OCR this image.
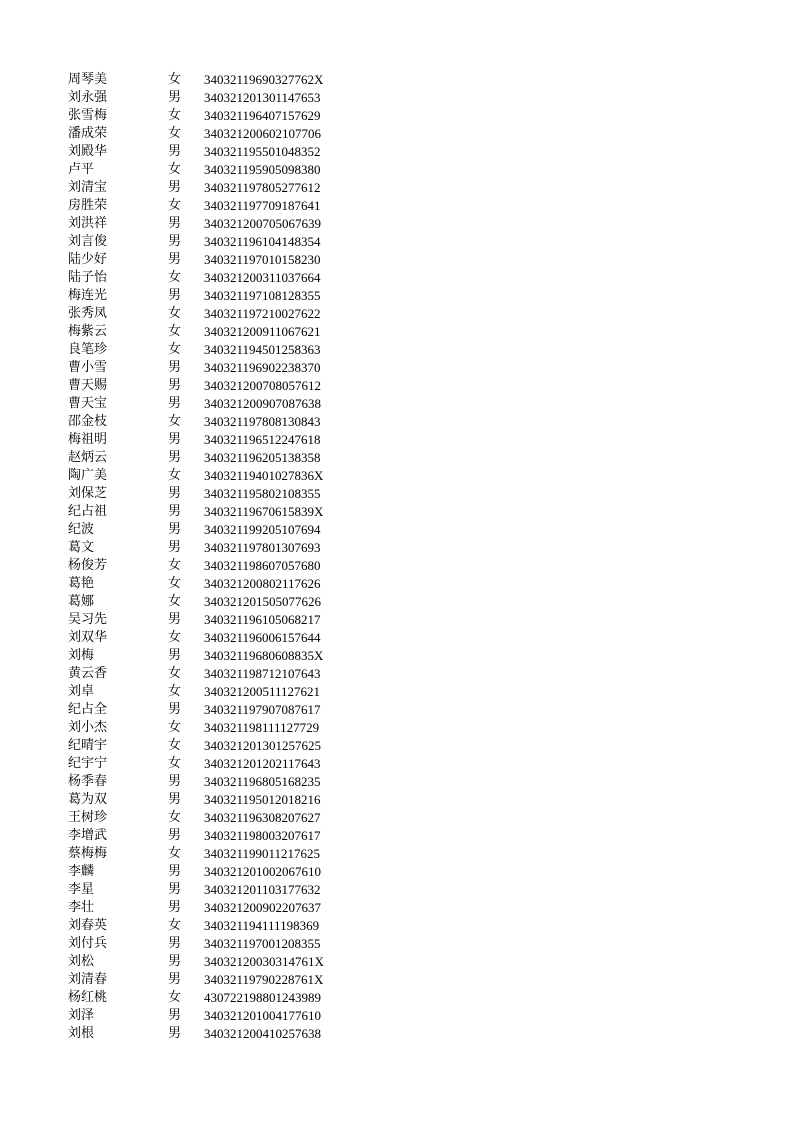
周琴美	女	34032119690327762X
刘永强	男	340321201301147653
张雪梅	女	340321196407157629
潘成荣	女	340321200602107706
刘殿华	男	340321195501048352
卢平	女	340321195905098380
刘清宝	男	340321197805277612
房胜荣	女	340321197709187641
刘洪祥	男	340321200705067639
刘言俊	男	340321196104148354
陆少好	男	340321197010158230
陆子怡	女	340321200311037664
梅连光	男	340321197108128355
张秀凤	女	340321197210027622
梅紫云	女	340321200911067621
良笔珍	女	340321194501258363
曹小雪	男	340321196902238370
曹天赐	男	340321200708057612
曹天宝	男	340321200907087638
邵金枝	女	340321197808130843
梅祖明	男	340321196512247618
赵炳云	男	340321196205138358
陶广美	女	34032119401027836X
刘保芝	男	340321195802108355
纪占祖	男	34032119670615839X
纪波	男	340321199205107694
葛文	男	340321197801307693
杨俊芳	女	340321198607057680
葛艳	女	340321200802117626
葛娜	女	340321201505077626
吴习先	男	340321196105068217
刘双华	女	340321196006157644
刘梅	男	34032119680608835X
黄云香	女	340321198712107643
刘卓	女	340321200511127621
纪占全	男	340321197907087617
刘小杰	女	340321198111127729
纪晴宇	女	340321201301257625
纪宇宁	女	340321201202117643
杨季春	男	340321196805168235
葛为双	男	340321195012018216
王树珍	女	340321196308207627
李增武	男	340321198003207617
蔡梅梅	女	340321199011217625
李麟	男	340321201002067610
李星	男	340321201103177632
李壮	男	340321200902207637
刘春英	女	340321194111198369
刘付兵	男	340321197001208355
刘松	男	34032120030314761X
刘清春	男	34032119790228761X
杨红桃	女	430722198801243989
刘泽	男	340321201004177610
刘根	男	340321200410257638
